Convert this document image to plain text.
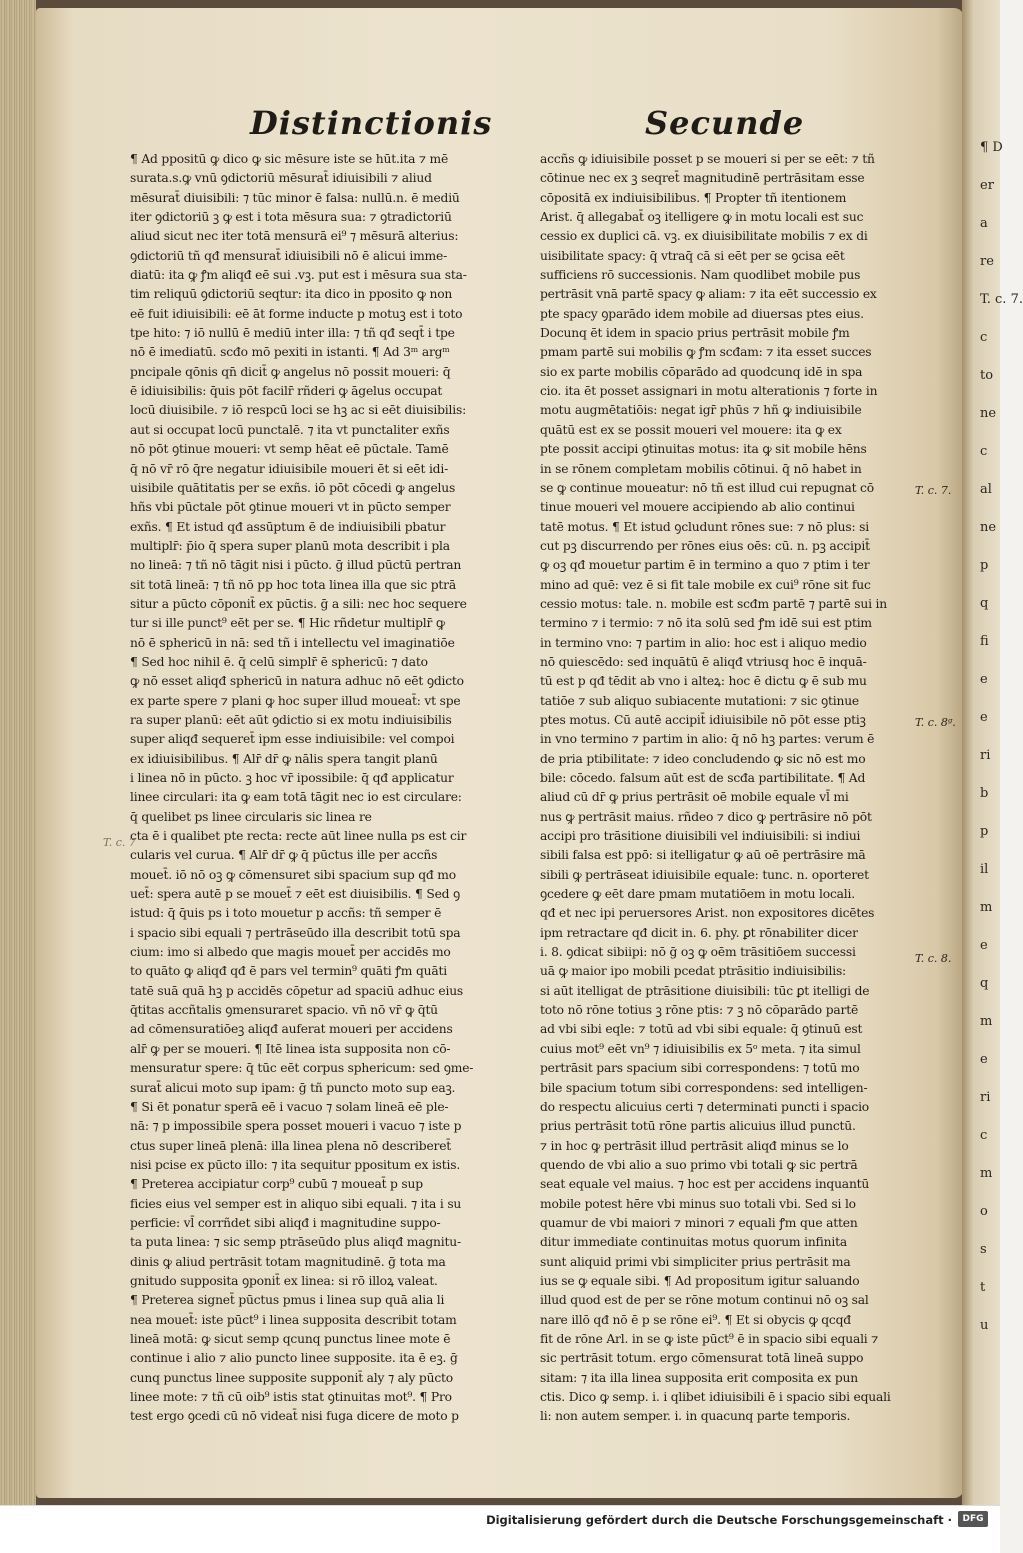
Distinctionis	Secunde
¶ Ad ppositū ꝙ dico ꝙ sic mēsure iste se hūt.ita ⁊ mē
surata.s.ꝙ vnū ꝯdictoriū mēsurat̄ idiuisibili ⁊ aliud
mēsurat̄ diuisibili: ⁊ tūc minor ē falsa: nullū.n. ē mediū
iter ꝯdictoriū ꝫ ꝙ est i tota mēsura sua: ⁊ ꝯtradictoriū
aliud sicut nec iter totā mensurā ei⁹ ⁊ mēsurā alterius:
ꝯdictoriū tñ qđ mensurat̄ idiuisibili nō ē alicui imme-
diatū: ita ꝙ ꝭm aliqđ eē sui .vꝫ. put est i mēsura sua sta-
tim reliquū ꝯdictoriū seqtur: ita dico in pposito ꝙ non
eē fuit idiuisibili: eē āt forme inducte p motuꝫ est i toto
tpe hito: ⁊ iō nullū ē mediū inter illa: ⁊ tñ qđ seqt̄ i tpe
nō ē imediatū. scđo mō pexiti in istanti. ¶ Ad 3ᵐ argᵐ
pncipale qōnis qn̄ dicit̄ ꝙ angelus nō possit moueri: q̄
ē idiuisibilis: q̄uis pōt facilr̄ rñderi ꝙ āgelus occupat
locū diuisibile. ⁊ iō respcū loci se hꝫ ac si eēt diuisibilis:
aut si occupat locū punctalē. ⁊ ita vt punctaliter exñs
nō pōt ꝯtinue moueri: vt semp hēat eē pūctale. Tamē
q̄ nō vr̄ rō q̄re negatur idiuisibile moueri ēt si eēt idi-
uisibile quātitatis per se exñs. iō pōt cōcedi ꝙ angelus
hñs vbi pūctale pōt ꝯtinue moueri vt in pūcto semper
exñs. ¶ Et istud qđ assūptum ē de indiuisibili pbatur
multiplr̄: p̄io q̄ spera super planū mota describit i pla
no lineā: ⁊ tñ nō tāgit nisi i pūcto. ḡ illud pūctū pertran
sit totā lineā: ⁊ tñ nō pp hoc tota linea illa que sic ptrā
situr a pūcto cōponit̄ ex pūctis. ḡ a sili: nec hoc sequere
tur si ille punct⁹ eēt per se. ¶ Hic rñdetur multiplr̄ ꝙ
nō ē sphericū in nā: sed tñ i intellectu vel imaginatiōe
¶ Sed hoc nihil ē. q̄ celū simplr̄ ē sphericū: ⁊ dato
ꝙ nō esset aliqđ sphericū in natura adhuc nō eēt ꝯdicto
ex parte spere ⁊ plani ꝙ hoc super illud moueat̄: vt spe
ra super planū: eēt aūt ꝯdictio si ex motu indiuisibilis
super aliqđ sequeret̄ ipm esse indiuisibile: vel compoi
ex idiuisibilibus. ¶ Alr̄ dr̄ ꝙ nālis spera tangit planū
i linea nō in pūcto. ꝫ hoc vr̄ ipossibile: q̄ qđ applicatur
linee circulari: ita ꝙ eam totā tāgit nec io est circulare:
q̄ quelibet ps linee circularis sic linea re
cta ē i qualibet pte recta: recte aūt linee nulla ps est cir
cularis vel curua. ¶ Alr̄ dr̄ ꝙ q̄ pūctus ille per accñs
mouet̄. iō nō oꝫ ꝙ cōmensuret sibi spacium sup qđ mo
uet̄: spera autē p se mouet̄ ⁊ eēt est diuisibilis. ¶ Sed ꝯ
istud: q̄ q̄uis ps i toto mouetur p accñs: tñ semper ē
i spacio sibi equali ⁊ pertrāseūdo illa describit totū spa
cium: imo si albedo que magis mouet̄ per accidēs mo
to quāto ꝙ aliqđ qđ ē pars vel termin⁹ quāti ꝭm quāti
tatē suā quā hꝫ p accidēs cōpetur ad spaciū adhuc eius
q̄titas accñtalis ꝯmensuraret spacio. vn̄ nō vr̄ ꝙ q̄tū
ad cōmensuratiōeꝫ aliqđ auferat moueri per accidens
alr̄ ꝙ per se moueri. ¶ Itē linea ista supposita non cō-
mensuratur spere: q̄ tūc eēt corpus sphericum: sed ꝯme-
surat̄ alicui moto sup ipam: ḡ tñ puncto moto sup eaꝫ.
¶ Si ēt ponatur sperā eē i vacuo ⁊ solam lineā eē ple-
nā: ⁊ p impossibile spera posset moueri i vacuo ⁊ iste p
ctus super lineā plenā: illa linea plena nō describeret̄
nisi pcise ex pūcto illo: ⁊ ita sequitur ppositum ex istis.
¶ Preterea accipiatur corp⁹ cubū ⁊ moueat̄ p sup
ficies eius vel semper est in aliquo sibi equali. ⁊ ita i su
perficie: vl̄ corrñdet sibi aliqđ i magnitudine suppo-
ta puta linea: ⁊ sic semp ptrāseūdo plus aliqđ magnitu-
dinis ꝙ aliud pertrāsit totam magnitudinē. ḡ tota ma
gnitudo supposita ꝯponit̄ ex linea: si rō illoꝝ valeat.
¶ Preterea signet̄ pūctus pmus i linea sup quā alia li
nea mouet̄: iste pūct⁹ i linea supposita describit totam
lineā motā: ꝙ sicut semp qcunq punctus linee mote ē
continue i alio ⁊ alio puncto linee supposite. ita ē eꝫ. ḡ
cunq punctus linee supposite supponit̄ aly ⁊ aly pūcto
linee mote: ⁊ tñ cū oib⁹ istis stat ꝯtinuitas mot⁹. ¶ Pro
test ergo ꝯcedi cū nō videat̄ nisi fuga dicere de moto p
accñs ꝙ idiuisibile posset p se moueri si per se eēt: ⁊ tñ
cōtinue nec ex ꝫ seqret̄ magnitudinē pertrāsitam esse
cōpositā ex indiuisibilibus. ¶ Propter tñ itentionem
Arist. q̄ allegabat̄ oꝫ itelligere ꝙ in motu locali est suc
cessio ex duplici cā. vꝫ. ex diuisibilitate mobilis ⁊ ex di
uisibilitate spacy: q̄ vtraq̄ cā si eēt per se ꝯcisa eēt
sufficiens rō successionis. Nam quodlibet mobile pus
pertrāsit vnā partē spacy ꝙ aliam: ⁊ ita eēt successio ex
pte spacy ꝯparādo idem mobile ad diuersas ptes eius.
Docunq ēt idem in spacio prius pertrāsit mobile ꝭm
pmam partē sui mobilis ꝙ ꝭm scđam: ⁊ ita esset succes
sio ex parte mobilis cōparādo ad quodcunq idē in spa
cio. ita ēt posset assignari in motu alterationis ⁊ forte in
motu augmētatiōis: negat igr̄ phūs ⁊ hñ ꝙ indiuisibile
quātū est ex se possit moueri vel mouere: ita ꝙ ex
pte possit accipi ꝯtinuitas motus: ita ꝙ sit mobile hēns
in se rōnem completam mobilis cōtinui. q̄ nō habet in
se ꝙ continue moueatur: nō tñ est illud cui repugnat cō
tinue moueri vel mouere accipiendo ab alio continui
tatē motus. ¶ Et istud ꝯcludunt rōnes sue: ⁊ nō plus: si
cut pꝫ discurrendo per rōnes eius oēs: cū. n. pꝫ accipit̄
ꝙ oꝫ qđ mouetur partim ē in termino a quo ⁊ ptim i ter
mino ad quē: vez ē si fit tale mobile ex cui⁹ rōne sit fuc
cessio motus: tale. n. mobile est scđm partē ⁊ partē sui in
termino ⁊ i termio: ⁊ nō ita solū sed ꝭm idē sui est ptim
in termino vno: ⁊ partim in alio: hoc est i aliquo medio
nō quiescēdo: sed inquātū ē aliqđ vtriusq hoc ē inquā-
tū est p qđ tēdit ab vno i alteꝝ: hoc ē dictu ꝙ ē sub mu
tatiōe ⁊ sub aliquo subiacente mutationi: ⁊ sic ꝯtinue
ptes motus. Cū autē accipit̄ idiuisibile nō pōt esse ptiꝫ
in vno termino ⁊ partim in alio: q̄ nō hꝫ partes: verum ē
de pria ptibilitate: ⁊ ideo concludendo ꝙ sic nō est mo
bile: cōcedo. falsum aūt est de scđa partibilitate. ¶ Ad
aliud cū dr̄ ꝙ prius pertrāsit oē mobile equale vl̄ mi
nus ꝙ pertrāsit maius. rñdeo ⁊ dico ꝙ pertrāsire nō pōt
accipi pro trāsitione diuisibili vel indiuisibili: si indiui
sibili falsa est ppō: si itelligatur ꝙ aū oē pertrāsire mā
sibili ꝙ pertrāseat idiuisibile equale: tunc. n. oporteret
ꝯcedere ꝙ eēt dare pmam mutatiōem in motu locali.
qđ et nec ipi peruersores Arist. non expositores dicētes
ipm retractare qđ dicit in. 6. phy. ꝑt rōnabiliter dicer
i. 8. ꝯdicat sibiipi: nō ḡ oꝫ ꝙ oēm trāsitiōem successi
uā ꝙ maior ipo mobili pcedat ptrāsitio indiuisibilis:
si aūt itelligat de ptrāsitione diuisibili: tūc ꝑt itelligi de
toto nō rōne totius ꝫ rōne ptis: ⁊ ꝫ nō cōparādo partē
ad vbi sibi eqle: ⁊ totū ad vbi sibi equale: q̄ ꝯtinuū est
cuius mot⁹ eēt vn⁹ ⁊ idiuisibilis ex 5ᵒ meta. ⁊ ita simul
pertrāsit pars spacium sibi correspondens: ⁊ totū mo
bile spacium totum sibi correspondens: sed intelligen-
do respectu alicuius certi ⁊ determinati puncti i spacio
prius pertrāsit totū rōne partis alicuius illud punctū.
⁊ in hoc ꝙ pertrāsit illud pertrāsit aliqđ minus se lo
quendo de vbi alio a suo primo vbi totali ꝙ sic pertrā
seat equale vel maius. ⁊ hoc est per accidens inquantū
mobile potest hēre vbi minus suo totali vbi. Sed si lo
quamur de vbi maiori ⁊ minori ⁊ equali ꝭm que atten
ditur immediate continuitas motus quorum infinita
sunt aliquid primi vbi simpliciter prius pertrāsit ma
ius se ꝙ equale sibi. ¶ Ad propositum igitur saluando
illud quod est de per se rōne motum continui nō oꝫ sal
nare illō qđ nō ē p se rōne ei⁹. ¶ Et si obycis ꝙ qcqđ
fit de rōne Arl. in se ꝙ iste pūct⁹ ē in spacio sibi equali ⁊
sic pertrāsit totum. ergo cōmensurat totā lineā suppo
sitam: ⁊ ita illa linea supposita erit composita ex pun
ctis. Dico ꝙ semp. i. i qlibet idiuisibili ē i spacio sibi equali
li: non autem semper. i. in quacunq parte temporis.
T. c. 7
T. c. 7.
T. c. 8ᵍ.
T. c. 8.
¶ D
er
a
re
T. c. 7.
c
to
ne
c
al
ne
p
q
fi
e
e
ri
b
p
il
m
e
q
m
e
ri
c
m
o
s
t
u
Digitalisierung gefördert durch die Deutsche Forschungsgemeinschaft ·	DFG
